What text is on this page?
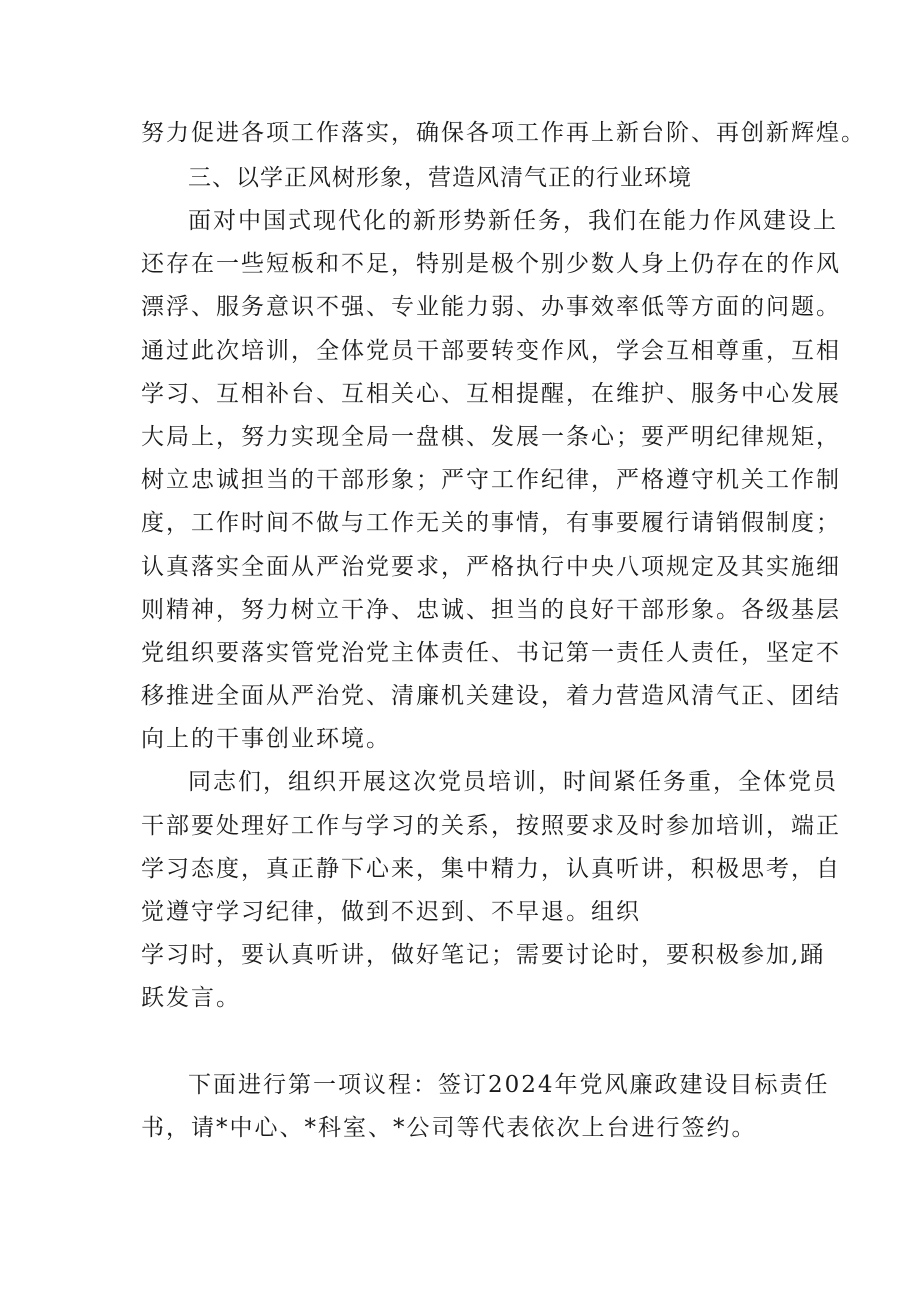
努力促进各项工作落实，确保各项工作再上新台阶、再创新辉煌。
三、以学正风树形象，营造风清气正的行业环境
面对中国式现代化的新形势新任务，我们在能力作风建设上
还存在一些短板和不足，特别是极个别少数人身上仍存在的作风
漂浮、服务意识不强、专业能力弱、办事效率低等方面的问题。
通过此次培训，全体党员干部要转变作风，学会互相尊重，互相
学习、互相补台、互相关心、互相提醒，在维护、服务中心发展
大局上，努力实现全局一盘棋、发展一条心；要严明纪律规矩，
树立忠诚担当的干部形象；严守工作纪律，严格遵守机关工作制
度，工作时间不做与工作无关的事情，有事要履行请销假制度；
认真落实全面从严治党要求，严格执行中央八项规定及其实施细
则精神，努力树立干净、忠诚、担当的良好干部形象。各级基层
党组织要落实管党治党主体责任、书记第一责任人责任，坚定不
移推进全面从严治党、清廉机关建设，着力营造风清气正、团结
向上的干事创业环境。
同志们，组织开展这次党员培训，时间紧任务重，全体党员
干部要处理好工作与学习的关系，按照要求及时参加培训，端正
学习态度，真正静下心来，集中精力，认真听讲，积极思考，自
觉遵守学习纪律，做到不迟到、不早退。组织
学习时，要认真听讲，做好笔记；需要讨论时，要积极参加,踊
跃发言。
下面进行第一项议程：签订2024年党风廉政建设目标责任
书，请*中心、*科室、*公司等代表依次上台进行签约。
